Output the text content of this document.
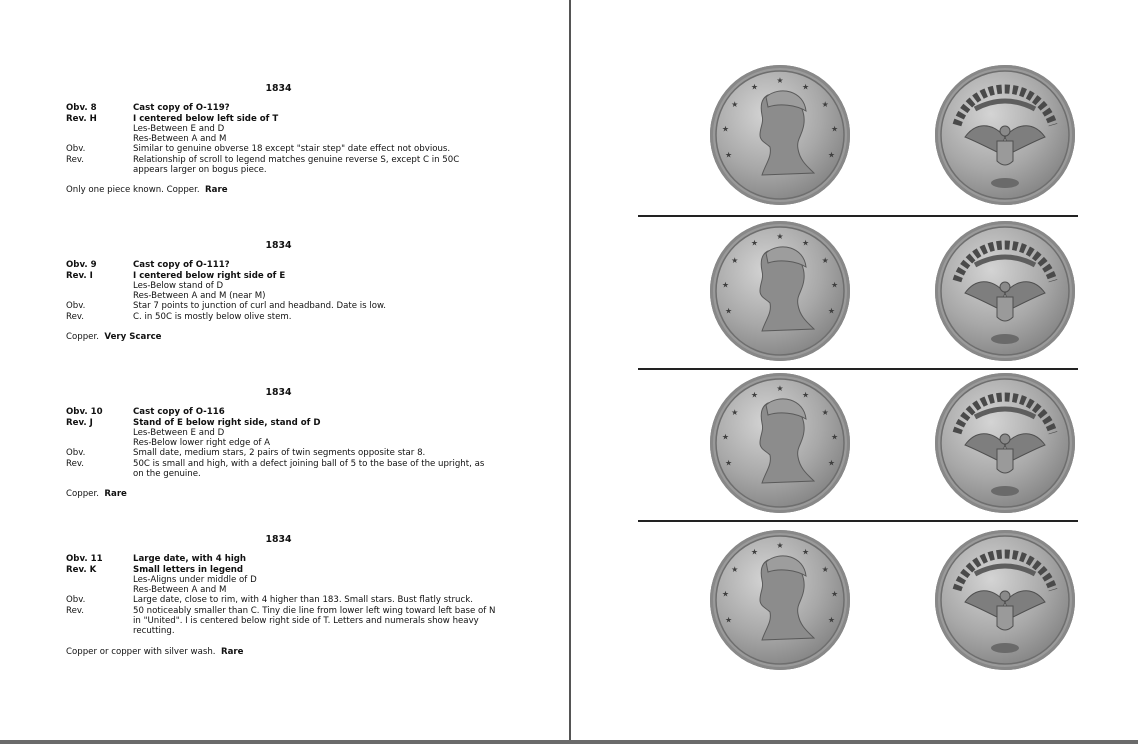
1834
Obv. 8	Cast copy of O-119?
Rev. H	I centered below left side of T
Les-Between E and D
Res-Between A and M
Obv.	Similar to genuine obverse 18 except "stair step" date effect not obvious.
Rev.	Relationship of scroll to legend matches genuine reverse S, except C in 50C appears larger on bogus piece.
Only one piece known. Copper. Rare
1834
Obv. 9	Cast copy of O-111?
Rev. I	I centered below right side of E
Les-Below stand of D
Res-Between A and M (near M)
Obv.	Star 7 points to junction of curl and headband. Date is low.
Rev.	C. in 50C is mostly below olive stem.
Copper. Very Scarce
1834
Obv. 10	Cast copy of O-116
Rev. J	Stand of E below right side, stand of D
Les-Between E and D
Res-Below lower right edge of A
Obv.	Small date, medium stars, 2 pairs of twin segments opposite star 8.
Rev.	50C is small and high, with a defect joining ball of 5 to the base of the upright, as on the genuine.
Copper. Rare
1834
Obv. 11	Large date, with 4 high
Rev. K	Small letters in legend
Les-Aligns under middle of D
Res-Between A and M
Obv.	Large date, close to rim, with 4 higher than 183. Small stars. Bust flatly struck.
Rev.	50 noticeably smaller than C. Tiny die line from lower left wing toward left base of N in "United". I is centered below right side of T. Letters and numerals show heavy recutting.
Copper or copper with silver wash. Rare
★
★
★
★
★
★
★
★
★
★
★
★
★
★
★
★
★
★
★
★
★
★
★
★
★
★
★
★
★
★
★
★
★
★
★
★
